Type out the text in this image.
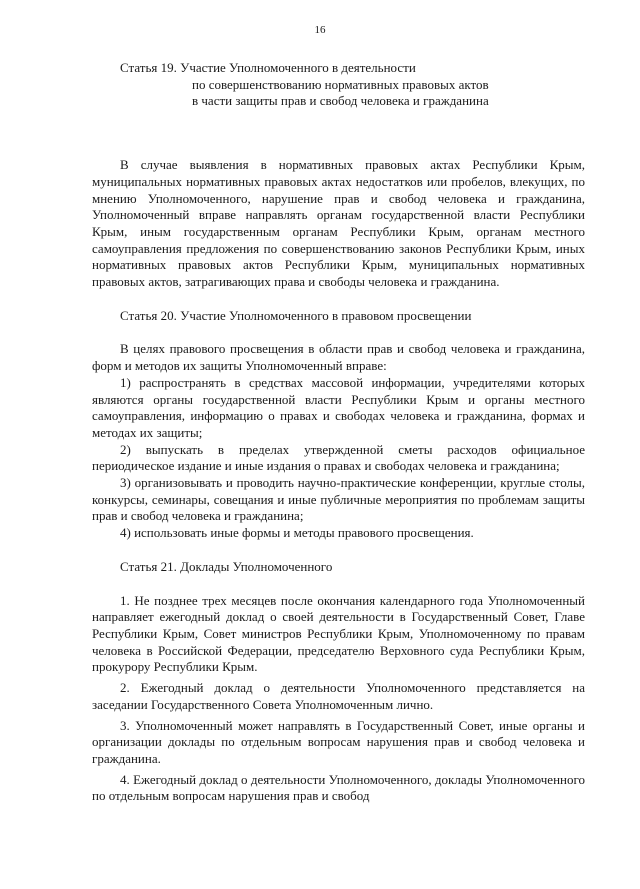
16
Статья 19. Участие Уполномоченного в деятельности
по совершенствованию нормативных правовых актов
в части защиты прав и свобод человека и гражданина

В случае выявления в нормативных правовых актах Республики Крым, муниципальных нормативных правовых актах недостатков или пробелов, влекущих, по мнению Уполномоченного, нарушение прав и свобод человека и гражданина, Уполномоченный вправе направлять органам государственной власти Республики Крым, иным государственным органам Республики Крым, органам местного самоуправления предложения по совершенствованию законов Республики Крым, иных нормативных правовых актов Республики Крым, муниципальных нормативных правовых актов, затрагивающих права и свободы человека и гражданина.

Статья 20. Участие Уполномоченного в правовом просвещении

В целях правового просвещения в области прав и свобод человека и гражданина, форм и методов их защиты Уполномоченный вправе:

1) распространять в средствах массовой информации, учредителями которых являются органы государственной власти Республики Крым и органы местного самоуправления, информацию о правах и свободах человека и гражданина, формах и методах их защиты;

2) выпускать в пределах утвержденной сметы расходов официальное периодическое издание и иные издания о правах и свободах человека и гражданина;

3) организовывать и проводить научно-практические конференции, круглые столы, конкурсы, семинары, совещания и иные публичные мероприятия по проблемам защиты прав и свобод человека и гражданина;

4) использовать иные формы и методы правового просвещения.

Статья 21. Доклады Уполномоченного

1. Не позднее трех месяцев после окончания календарного года Уполномоченный направляет ежегодный доклад о своей деятельности в Государственный Совет, Главе Республики Крым, Совет министров Республики Крым, Уполномоченному по правам человека в Российской Федерации, председателю Верховного суда Республики Крым, прокурору Республики Крым.

2. Ежегодный доклад о деятельности Уполномоченного представляется на заседании Государственного Совета Уполномоченным лично.

3. Уполномоченный может направлять в Государственный Совет, иные органы и организации доклады по отдельным вопросам нарушения прав и свобод человека и гражданина.

4. Ежегодный доклад о деятельности Уполномоченного, доклады Уполномоченного по отдельным вопросам нарушения прав и свобод
